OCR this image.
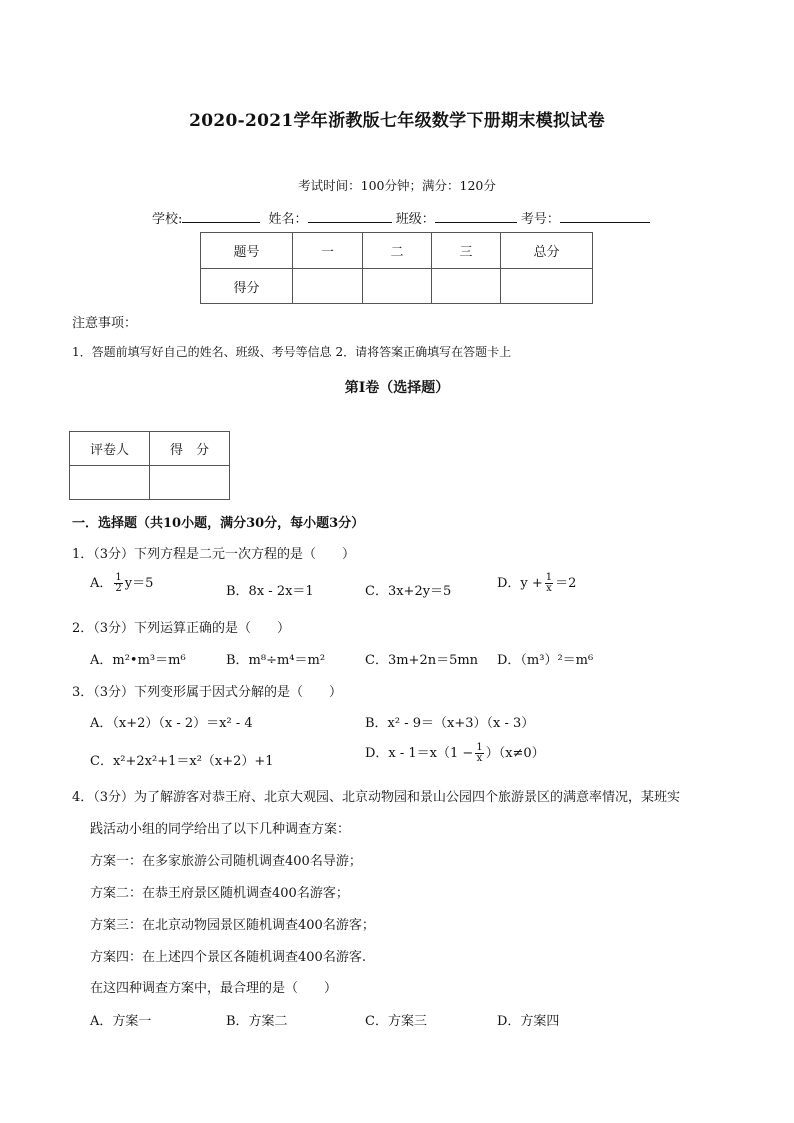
2020-2021学年浙教版七年级数学下册期末模拟试卷
考试时间：100分钟；满分：120分
学校:	姓名：	班级：	考号：
题号	一	二	三	总分
得分				
注意事项：
1．答题前填写好自己的姓名、班级、考号等信息 2．请将答案正确填写在答题卡上
第Ⅰ卷（选择题）
评卷人	得　分

一．选择题（共10小题，满分30分，每小题3分）
1．（3分）下列方程是二元一次方程的是（　　）
A． $\frac{1}{2} y=5$
B．8x - 2x＝1	C．3x+2y＝5
D．$y + \frac{1}{x} =2$
2．（3分）下列运算正确的是（　　）
A．m²•m³＝m⁶	B．m⁸÷m⁴＝m²	C．3m+2n＝5mn D．（m³）²＝m⁶
3．（3分）下列变形属于因式分解的是（　　）
A．（x+2）（x - 2）＝x² - 4	B．x² - 9＝（x+3）（x - 3）
C．x²+2x²+1＝x²（x+2）+1
D．$x - 1=x(1 - \frac{1}{x} )(x\ne 0)$
4．（3分）为了解游客对恭王府、北京大观园、北京动物园和景山公园四个旅游景区的满意率情况，某班实
践活动小组的同学给出了以下几种调查方案：
方案一：在多家旅游公司随机调查400名导游；
方案二：在恭王府景区随机调查400名游客；
方案三：在北京动物园景区随机调查400名游客；
方案四：在上述四个景区各随机调查400名游客.
在这四种调查方案中，最合理的是（　　）
A．方案一	B．方案二	C．方案三	D．方案四
